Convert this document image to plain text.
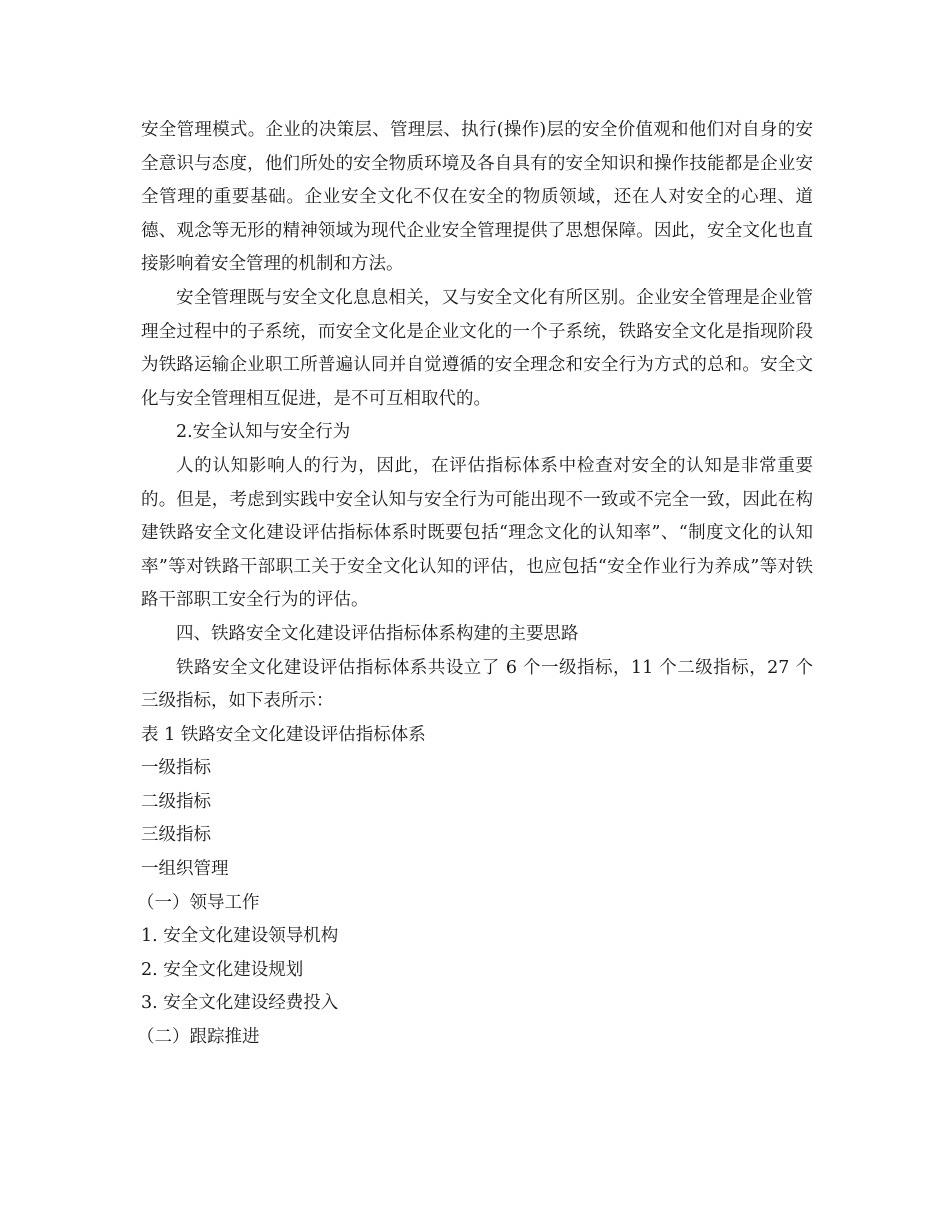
安全管理模式。企业的决策层、管理层、执行(操作)层的安全价值观和他们对自身的安全意识与态度，他们所处的安全物质环境及各自具有的安全知识和操作技能都是企业安全管理的重要基础。企业安全文化不仅在安全的物质领域，还在人对安全的心理、道德、观念等无形的精神领域为现代企业安全管理提供了思想保障。因此，安全文化也直接影响着安全管理的机制和方法。

安全管理既与安全文化息息相关，又与安全文化有所区别。企业安全管理是企业管理全过程中的子系统，而安全文化是企业文化的一个子系统，铁路安全文化是指现阶段为铁路运输企业职工所普遍认同并自觉遵循的安全理念和安全行为方式的总和。安全文化与安全管理相互促进，是不可互相取代的。

2.安全认知与安全行为

人的认知影响人的行为，因此，在评估指标体系中检查对安全的认知是非常重要的。但是，考虑到实践中安全认知与安全行为可能出现不一致或不完全一致，因此在构建铁路安全文化建设评估指标体系时既要包括“理念文化的认知率”、“制度文化的认知率”等对铁路干部职工关于安全文化认知的评估，也应包括“安全作业行为养成”等对铁路干部职工安全行为的评估。

四、铁路安全文化建设评估指标体系构建的主要思路

铁路安全文化建设评估指标体系共设立了 6 个一级指标，11 个二级指标，27 个三级指标，如下表所示：

表 1 铁路安全文化建设评估指标体系

一级指标

二级指标

三级指标

一组织管理

（一）领导工作

1. 安全文化建设领导机构

2. 安全文化建设规划

3. 安全文化建设经费投入

（二）跟踪推进
